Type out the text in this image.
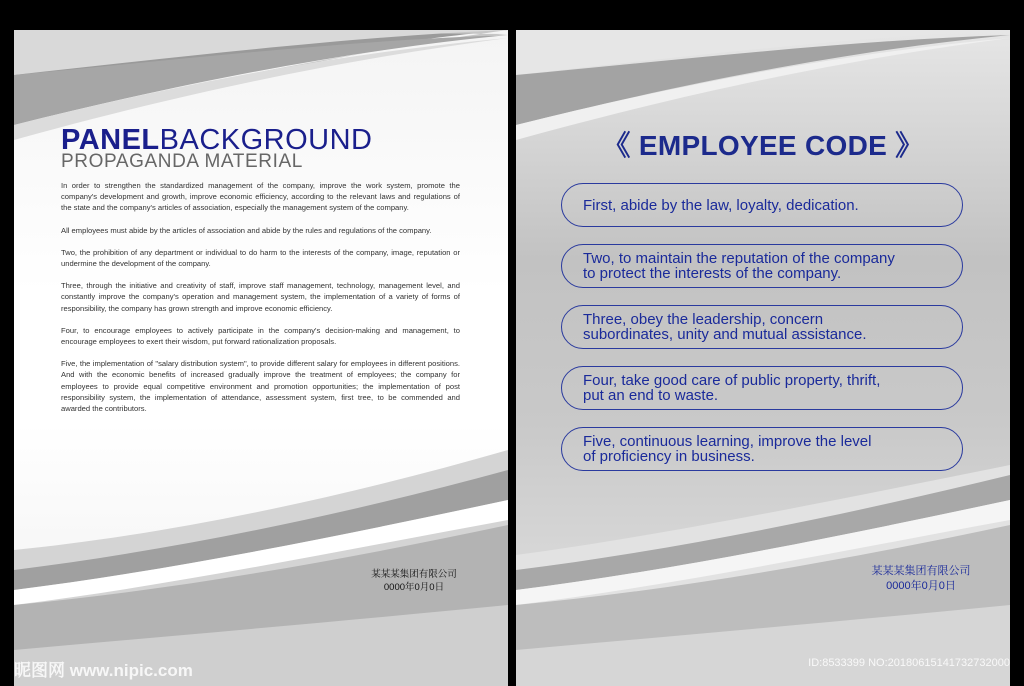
PANELBACKGROUND
PROPAGANDA MATERIAL

In order to strengthen the standardized management of the company, improve the work system, promote the company's development and growth, improve economic efficiency, according to the relevant laws and regulations of the state and the company's articles of association, especially the management system of the company.

All employees must abide by the articles of association and abide by the rules and regulations of the company.

Two, the prohibition of any department or individual to do harm to the interests of the company, image, reputation or undermine the development of the company.

Three, through the initiative and creativity of staff, improve staff management, technology, management level, and constantly improve the company's operation and management system, the implementation of a variety of forms of responsibility, the company has grown strength and improve economic efficiency.

Four, to encourage employees to actively participate in the company's decision-making and management, to encourage employees to exert their wisdom, put forward rationalization proposals.

Five, the implementation of "salary distribution system", to provide different salary for employees in different positions. And with the economic benefits of increased gradually improve the treatment of employees; the company for employees to provide equal competitive environment and promotion opportunities; the implementation of post responsibility system, the implementation of attendance, assessment system, first tree, to be commended and awarded the contributors.

某某某集团有限公司
0000年0月0日
《 EMPLOYEE CODE 》
First, abide by the law, loyalty, dedication.
Two, to maintain the reputation of the company
to protect the interests of the company.
Three, obey the leadership, concern
subordinates, unity and mutual assistance.
Four, take good care of public property, thrift,
put an end to waste.
Five, continuous learning, improve the level
of proficiency in business.
某某某集团有限公司
0000年0月0日
昵图网 www.nipic.com	ID:8533399 NO:20180615141732732000
